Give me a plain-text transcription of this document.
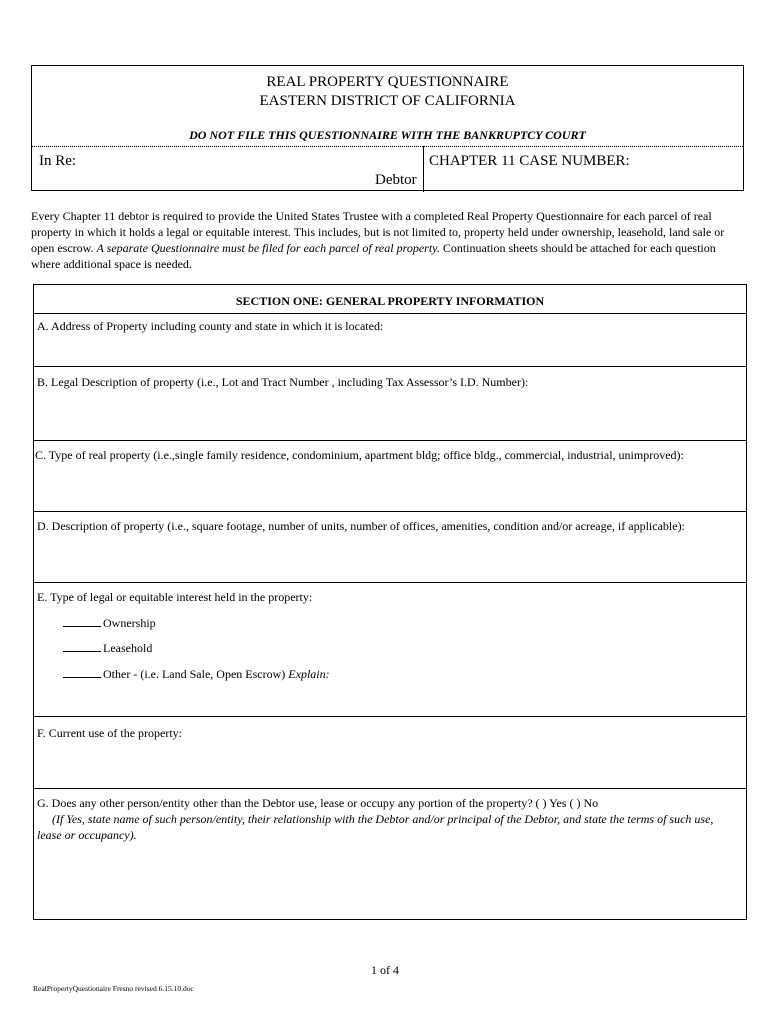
REAL PROPERTY QUESTIONNAIRE
EASTERN DISTRICT OF CALIFORNIA
DO NOT FILE THIS QUESTIONNAIRE WITH THE BANKRUPTCY COURT
In Re:
Debtor
CHAPTER 11 CASE NUMBER:
Every Chapter 11 debtor is required to provide the United States Trustee with a completed Real Property Questionnaire for each parcel of real property in which it holds a legal or equitable interest. This includes, but is not limited to, property held under ownership, leasehold, land sale or open escrow. A separate Questionnaire must be filed for each parcel of real property. Continuation sheets should be attached for each question where additional space is needed.
SECTION ONE: GENERAL PROPERTY INFORMATION
A. Address of Property including county and state in which it is located:
B. Legal Description of property (i.e., Lot and Tract Number , including Tax Assessor’s I.D. Number):
C. Type of real property (i.e.,single family residence, condominium, apartment bldg; office bldg., commercial, industrial, unimproved):
D. Description of property (i.e., square footage, number of units, number of offices, amenities, condition and/or acreage, if applicable):
E. Type of legal or equitable interest held in the property:
Ownership
Leasehold
Other - (i.e. Land Sale, Open Escrow) Explain:
F. Current use of the property:
G. Does any other person/entity other than the Debtor use, lease or occupy any portion of the property? ( ) Yes ( ) No
(If Yes, state name of such person/entity, their relationship with the Debtor and/or principal of the Debtor, and state the terms of such use, lease or occupancy).
1 of 4
RealPropertyQuestionaire Fresno revised 6.15.10.doc
